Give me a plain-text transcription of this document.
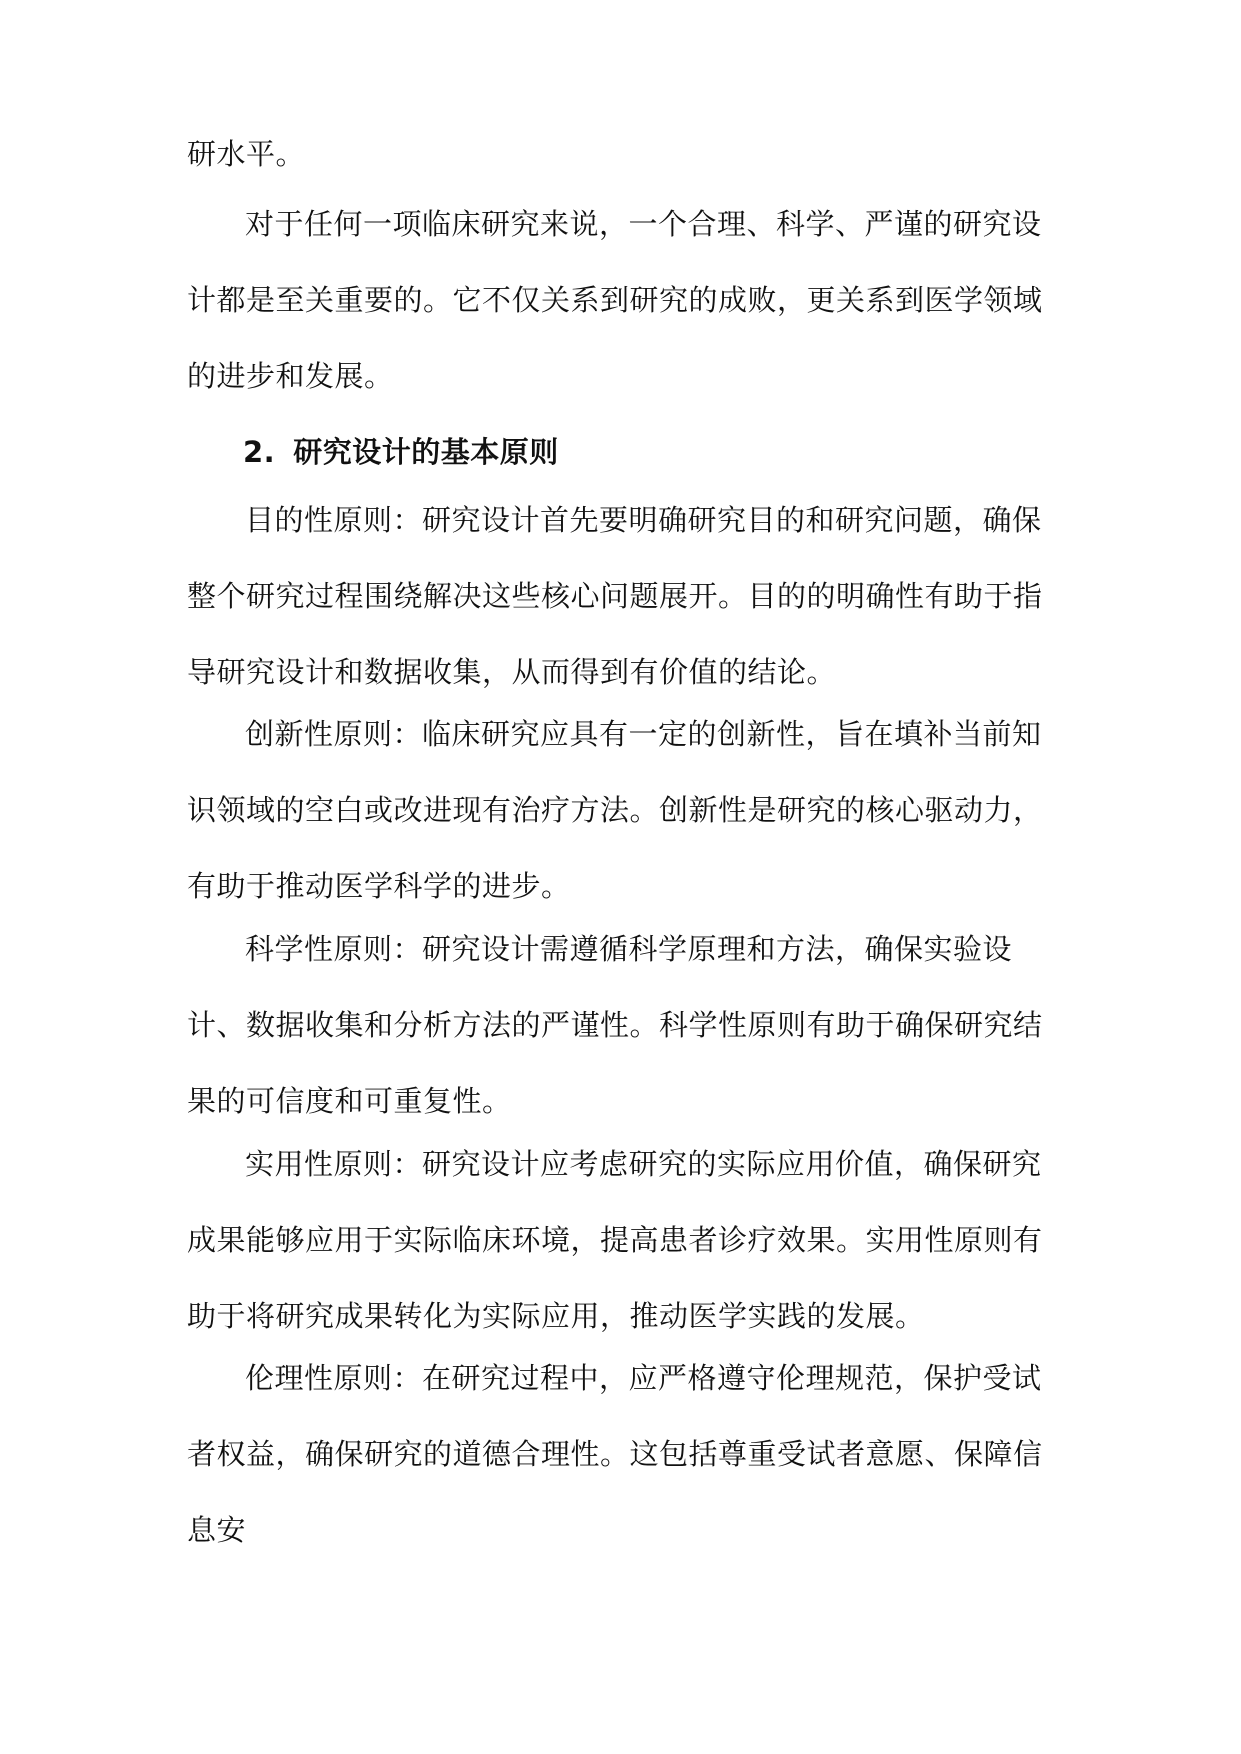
研水平。

对于任何一项临床研究来说，一个合理、科学、严谨的研究设计都是至关重要的。它不仅关系到研究的成败，更关系到医学领域的进步和发展。

2. 研究设计的基本原则

目的性原则：研究设计首先要明确研究目的和研究问题，确保整个研究过程围绕解决这些核心问题展开。目的的明确性有助于指导研究设计和数据收集，从而得到有价值的结论。

创新性原则：临床研究应具有一定的创新性，旨在填补当前知识领域的空白或改进现有治疗方法。创新性是研究的核心驱动力，有助于推动医学科学的进步。

科学性原则：研究设计需遵循科学原理和方法，确保实验设计、数据收集和分析方法的严谨性。科学性原则有助于确保研究结果的可信度和可重复性。

实用性原则：研究设计应考虑研究的实际应用价值，确保研究成果能够应用于实际临床环境，提高患者诊疗效果。实用性原则有助于将研究成果转化为实际应用，推动医学实践的发展。

伦理性原则：在研究过程中，应严格遵守伦理规范，保护受试者权益，确保研究的道德合理性。这包括尊重受试者意愿、保障信息安
